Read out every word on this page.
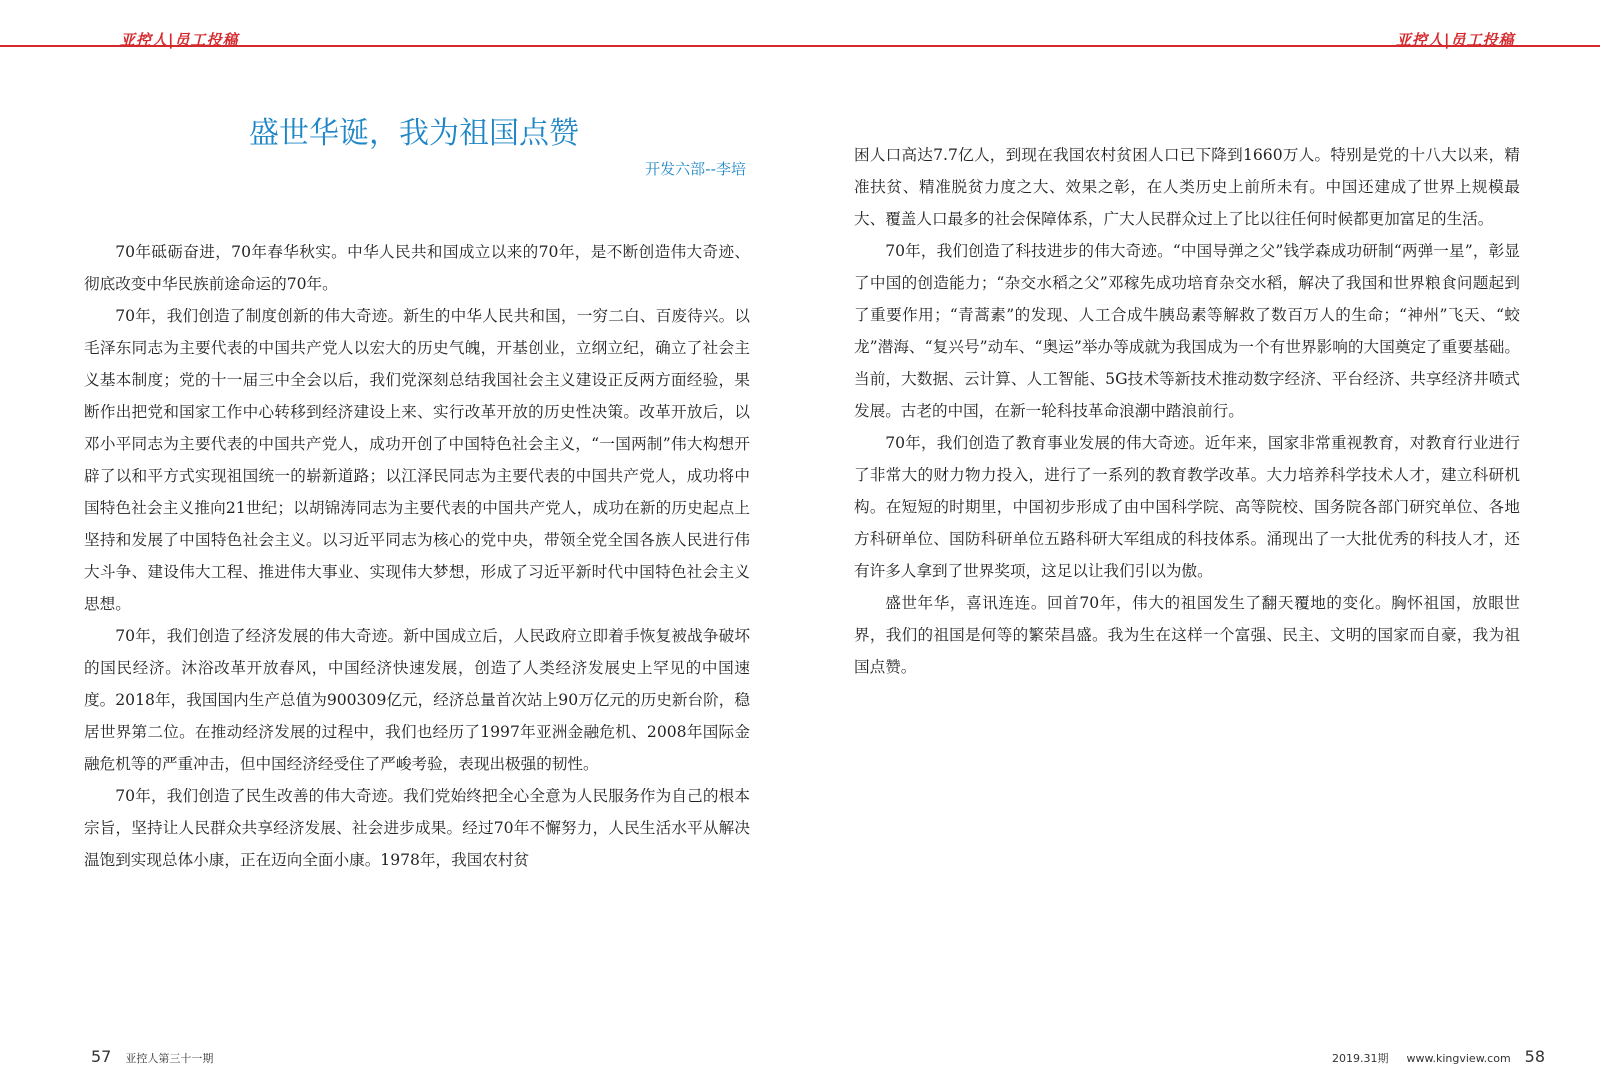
亚控人|员工投稿	亚控人|员工投稿
盛世华诞，我为祖国点赞
开发六部--李培

70年砥砺奋进，70年春华秋实。中华人民共和国成立以来的70年，是不断创造伟大奇迹、彻底改变中华民族前途命运的70年。

70年，我们创造了制度创新的伟大奇迹。新生的中华人民共和国，一穷二白、百废待兴。以毛泽东同志为主要代表的中国共产党人以宏大的历史气魄，开基创业，立纲立纪，确立了社会主义基本制度；党的十一届三中全会以后，我们党深刻总结我国社会主义建设正反两方面经验，果断作出把党和国家工作中心转移到经济建设上来、实行改革开放的历史性决策。改革开放后，以邓小平同志为主要代表的中国共产党人，成功开创了中国特色社会主义，“一国两制”伟大构想开辟了以和平方式实现祖国统一的崭新道路；以江泽民同志为主要代表的中国共产党人，成功将中国特色社会主义推向21世纪；以胡锦涛同志为主要代表的中国共产党人，成功在新的历史起点上坚持和发展了中国特色社会主义。以习近平同志为核心的党中央，带领全党全国各族人民进行伟大斗争、建设伟大工程、推进伟大事业、实现伟大梦想，形成了习近平新时代中国特色社会主义思想。

70年，我们创造了经济发展的伟大奇迹。新中国成立后，人民政府立即着手恢复被战争破坏的国民经济。沐浴改革开放春风，中国经济快速发展，创造了人类经济发展史上罕见的中国速度。2018年，我国国内生产总值为900309亿元，经济总量首次站上90万亿元的历史新台阶，稳居世界第二位。在推动经济发展的过程中，我们也经历了1997年亚洲金融危机、2008年国际金融危机等的严重冲击，但中国经济经受住了严峻考验，表现出极强的韧性。

70年，我们创造了民生改善的伟大奇迹。我们党始终把全心全意为人民服务作为自己的根本宗旨，坚持让人民群众共享经济发展、社会进步成果。经过70年不懈努力，人民生活水平从解决温饱到实现总体小康，正在迈向全面小康。1978年，我国农村贫

困人口高达7.7亿人，到现在我国农村贫困人口已下降到1660万人。特别是党的十八大以来，精准扶贫、精准脱贫力度之大、效果之彰，在人类历史上前所未有。中国还建成了世界上规模最大、覆盖人口最多的社会保障体系，广大人民群众过上了比以往任何时候都更加富足的生活。

70年，我们创造了科技进步的伟大奇迹。“中国导弹之父”钱学森成功研制“两弹一星”，彰显了中国的创造能力；“杂交水稻之父”邓稼先成功培育杂交水稻，解决了我国和世界粮食问题起到了重要作用；“青蒿素”的发现、人工合成牛胰岛素等解救了数百万人的生命；“神州”飞天、“蛟龙”潜海、“复兴号”动车、“奥运”举办等成就为我国成为一个有世界影响的大国奠定了重要基础。当前，大数据、云计算、人工智能、5G技术等新技术推动数字经济、平台经济、共享经济井喷式发展。古老的中国，在新一轮科技革命浪潮中踏浪前行。

70年，我们创造了教育事业发展的伟大奇迹。近年来，国家非常重视教育，对教育行业进行了非常大的财力物力投入，进行了一系列的教育教学改革。大力培养科学技术人才，建立科研机构。在短短的时期里，中国初步形成了由中国科学院、高等院校、国务院各部门研究单位、各地方科研单位、国防科研单位五路科研大军组成的科技体系。涌现出了一大批优秀的科技人才，还有许多人拿到了世界奖项，这足以让我们引以为傲。

盛世年华，喜讯连连。回首70年，伟大的祖国发生了翻天覆地的变化。胸怀祖国，放眼世界，我们的祖国是何等的繁荣昌盛。我为生在这样一个富强、民主、文明的国家而自豪，我为祖国点赞。

57 亚控人第三十一期	2019.31期 www.kingview.com 58
